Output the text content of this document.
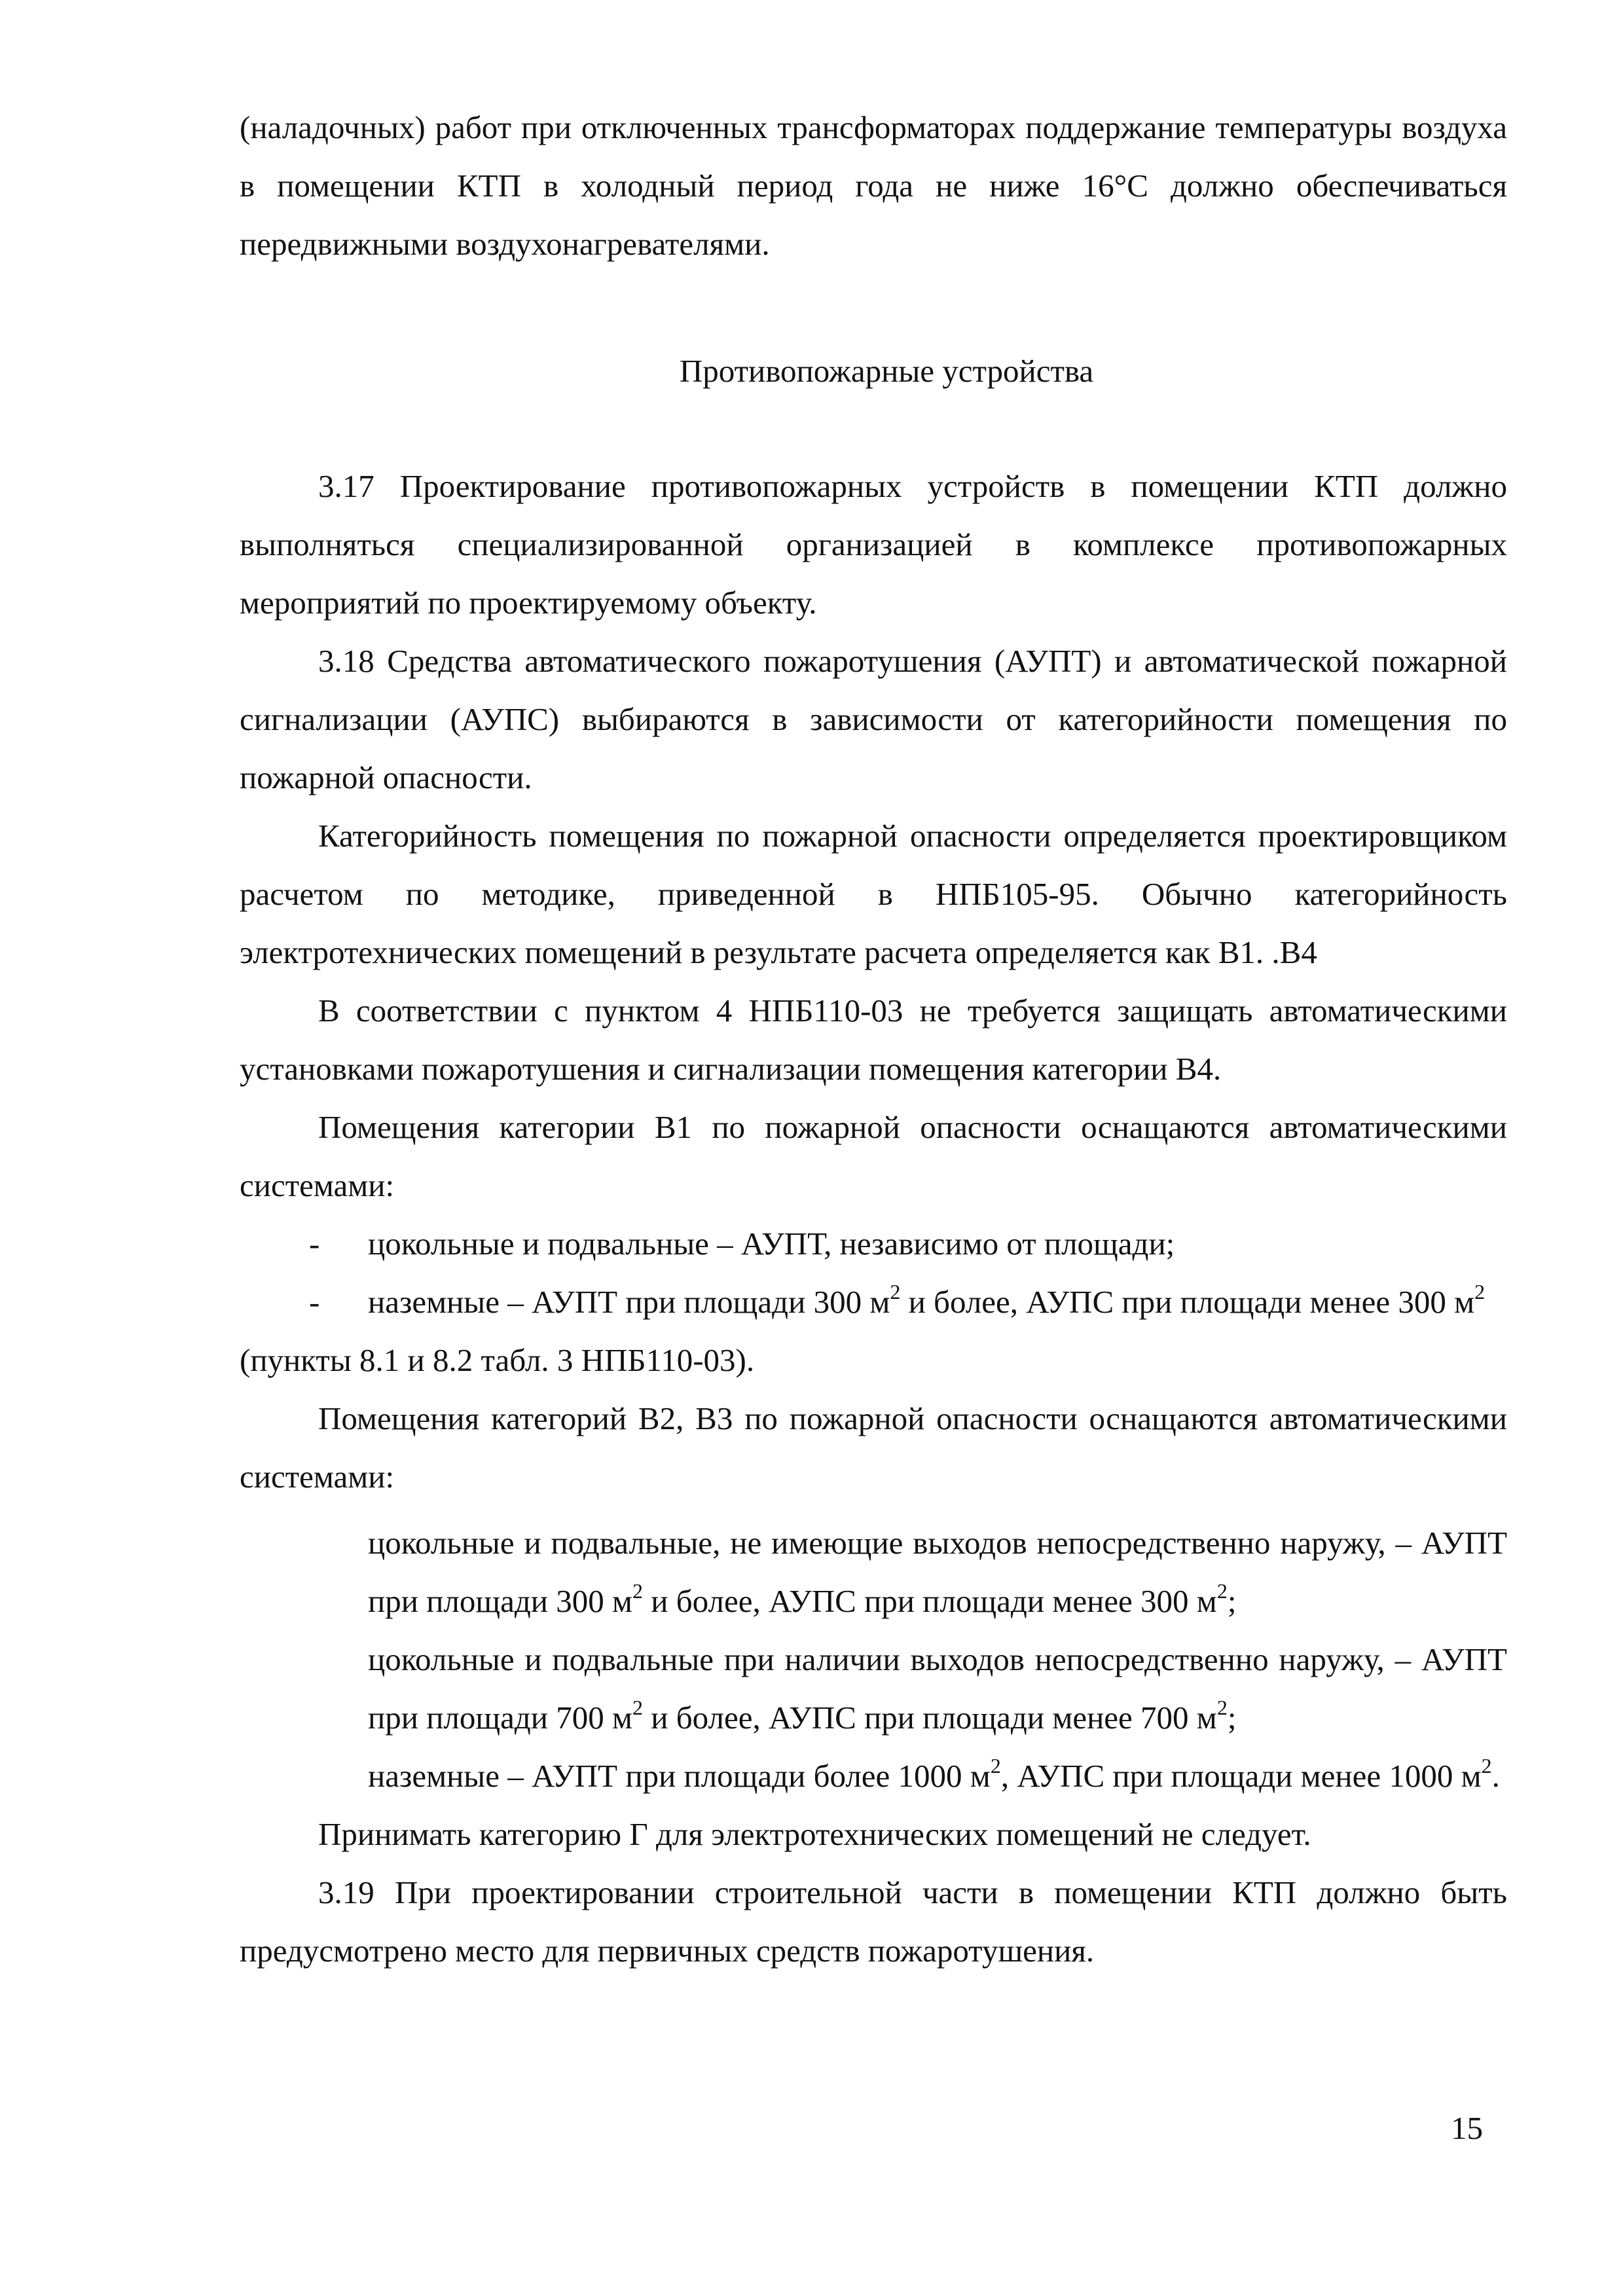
(наладочных) работ при отключенных трансформаторах поддержание температуры воздуха в помещении КТП в холодный период года не ниже 16°С должно обеспечиваться передвижными воздухонагревателями.

Противопожарные устройства

3.17 Проектирование противопожарных устройств в помещении КТП должно выполняться специализированной организацией в комплексе противопожарных мероприятий по проектируемому объекту.

3.18 Средства автоматического пожаротушения (АУПТ) и автоматической пожарной сигнализации (АУПС) выбираются в зависимости от категорийности помещения по пожарной опасности.

Категорийность помещения по пожарной опасности определяется проектировщиком расчетом по методике, приведенной в НПБ105-95. Обычно категорийность электротехнических помещений в результате расчета определяется как В1. .В4

В соответствии с пунктом 4 НПБ110-03 не требуется защищать автоматическими установками пожаротушения и сигнализации помещения категории В4.

Помещения категории В1 по пожарной опасности оснащаются автоматическими системами:

- цокольные и подвальные – АУПТ, независимо от площади;

- наземные – АУПТ при площади 300 $м^2$ и более, АУПС при площади менее 300 $м^2$

(пункты 8.1 и 8.2 табл. 3 НПБ110-03).

Помещения категорий В2, В3 по пожарной опасности оснащаются автоматическими системами:

цокольные и подвальные, не имеющие выходов непосредственно наружу, – АУПТ при площади 300 $м^2$ и более, АУПС при площади менее 300 $м^2$;

цокольные и подвальные при наличии выходов непосредственно наружу, – АУПТ при площади 700 $м^2$ и более, АУПС при площади менее 700 $м^2$;

наземные – АУПТ при площади более 1000 $м^2$, АУПС при площади менее 1000 $м^2$.

Принимать категорию Г для электротехнических помещений не следует.

3.19 При проектировании строительной части в помещении КТП должно быть предусмотрено место для первичных средств пожаротушения.

15
